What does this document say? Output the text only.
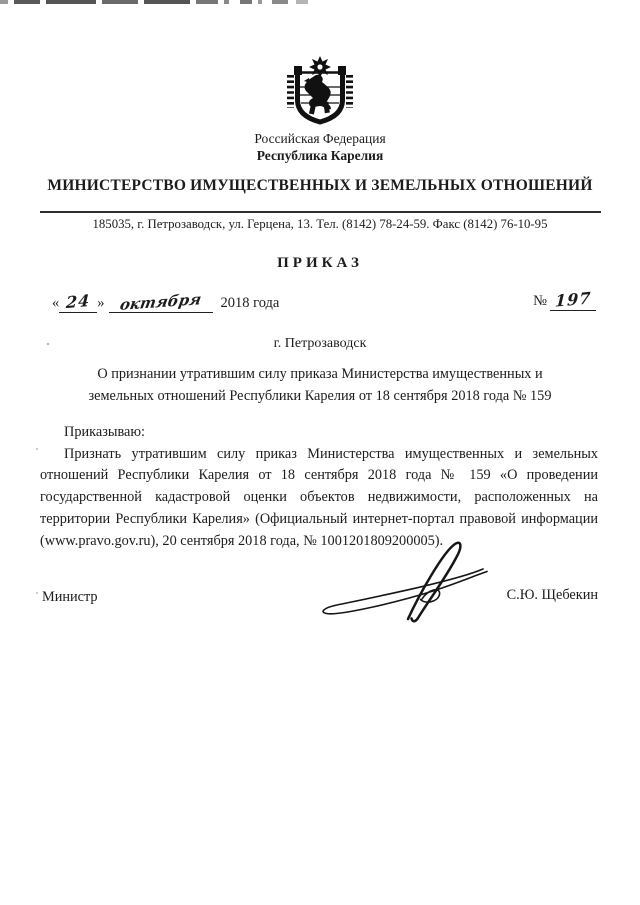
Российская Федерация
Республика Карелия
МИНИСТЕРСТВО ИМУЩЕСТВЕННЫХ И ЗЕМЕЛЬНЫХ ОТНОШЕНИЙ
185035, г. Петрозаводск, ул. Герцена, 13. Тел. (8142) 78-24-59. Факс (8142) 76-10-95
ПРИКАЗ
« 24 » октября 2018 года	№ 197
г. Петрозаводск
О признании утратившим силу приказа Министерства имущественных и
земельных отношений Республики Карелия от 18 сентября 2018 года № 159
Приказываю:
Признать утратившим силу приказ Министерства имущественных и земельных отношений Республики Карелия от 18 сентября 2018 года № 159 «О проведении государственной кадастровой оценки объектов недвижимости, расположенных на территории Республики Карелия» (Официальный интернет-портал правовой информации (www.pravo.gov.ru), 20 сентября 2018 года, № 1001201809200005).
Министр	С.Ю. Щебекин
